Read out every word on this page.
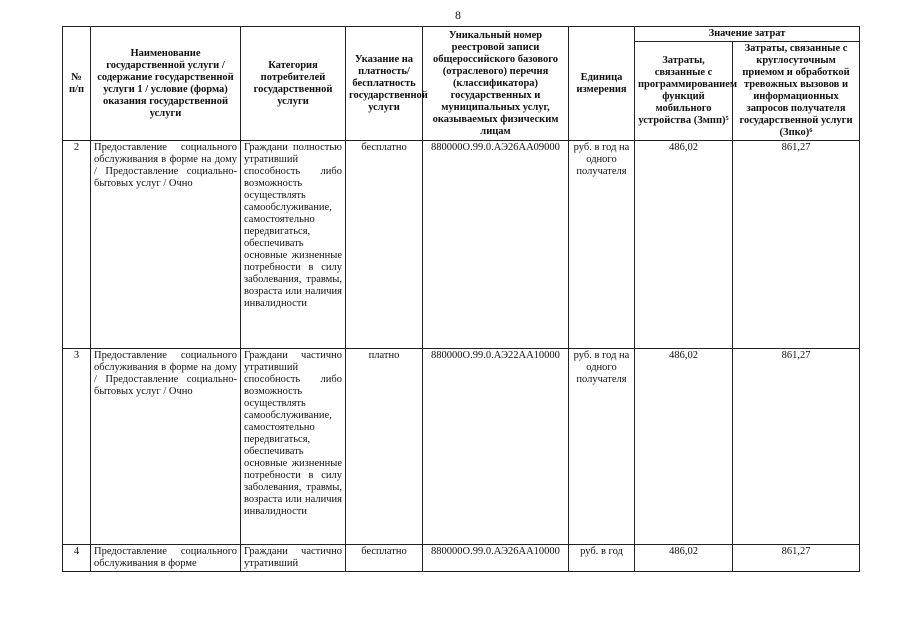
8
№ п/п	Наименование государственной услуги / содержание государственной услуги 1 / условие (форма) оказания государственной услуги	Категория потребителей государственной услуги	Указание на платность/ бесплатность государственной услуги	Уникальный номер реестровой записи общероссийского базового (отраслевого) перечня (классификатора) государственных и муниципальных услуг, оказываемых физическим лицам	Единица измерения	Значение затрат	
						Затраты, связанные с программированием функций мобильного устройства (Змпп)⁵	Затраты, связанные с круглосуточным приемом и обработкой тревожных вызовов и информационных запросов получателя государственной услуги (Зпко)⁶
2	Предоставление социального обслуживания в форме на дому / Предоставление социально-бытовых услуг / Очно	Граждани полностью утративший способность либо возможность осуществлять самообслуживание, самостоятельно передвигаться, обеспечивать основные жизненные потребности в силу заболевания, травмы, возраста или наличия инвалидности	бесплатно	880000О.99.0.АЭ26АА09000	руб. в год на одного получателя	486,02	861,27
3	Предоставление социального обслуживания в форме на дому / Предоставление социально-бытовых услуг / Очно	Граждани частично утративший способность либо возможность осуществлять самообслуживание, самостоятельно передвигаться, обеспечивать основные жизненные потребности в силу заболевания, травмы, возраста или наличия инвалидности	платно	880000О.99.0.АЭ22АА10000	руб. в год на одного получателя	486,02	861,27
4	Предоставление социального обслуживания в форме	Граждани частично утративший	бесплатно	880000О.99.0.АЭ26АА10000	руб. в год	486,02	861,27
